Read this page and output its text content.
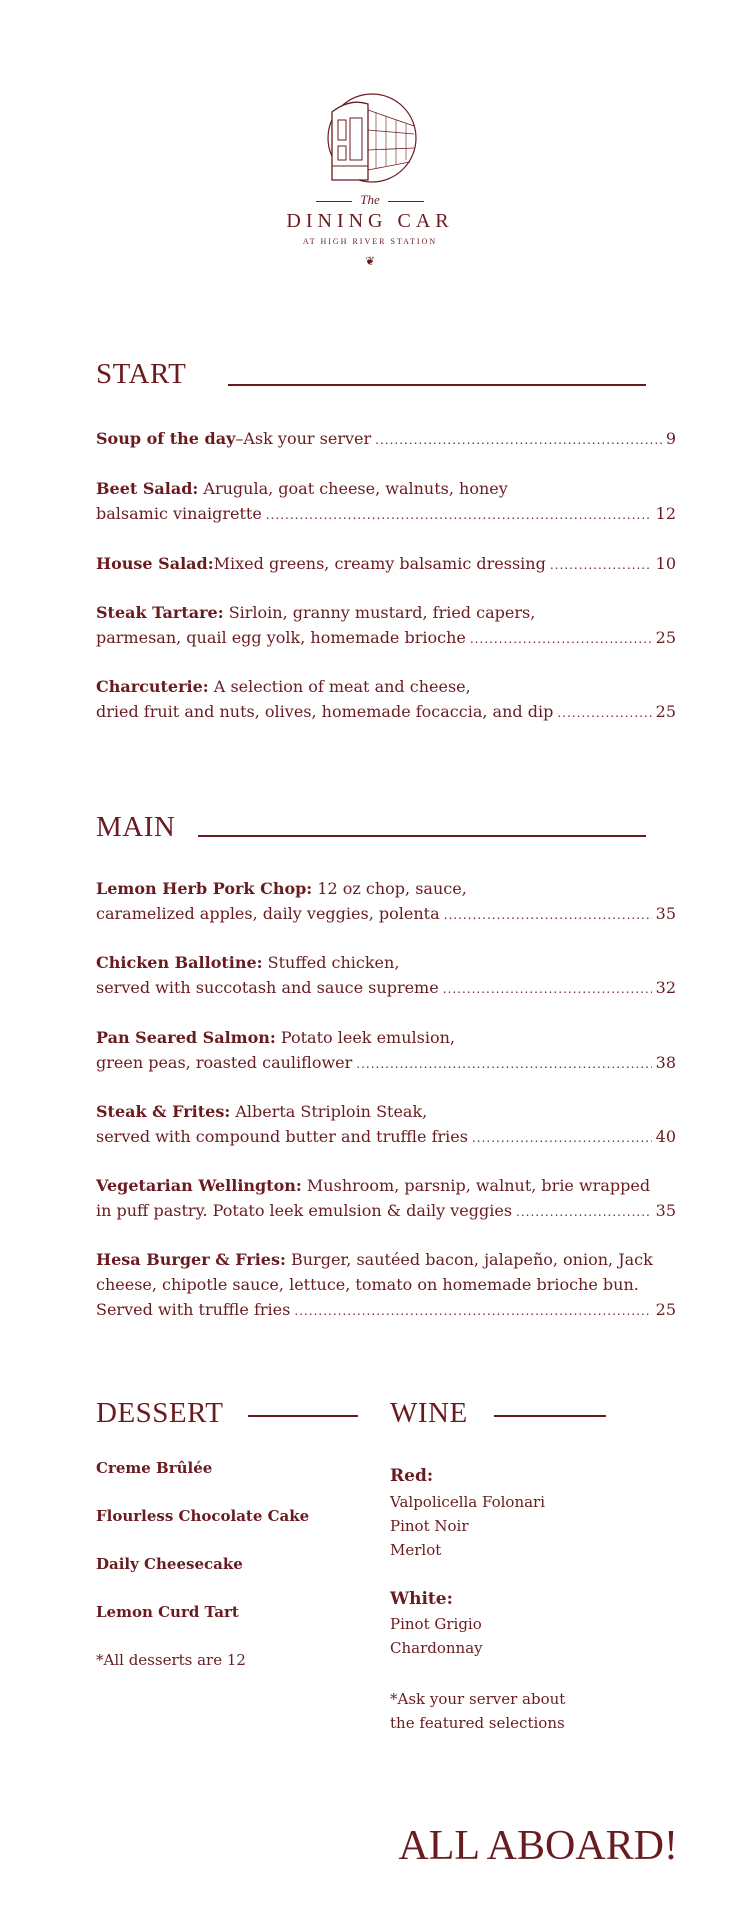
The
DINING CAR
AT HIGH RIVER STATION
❦
START
Soup of the day – Ask your server .....	9
Beet Salad: Arugula, goat cheese, walnuts, honey
balsamic vinaigrette .....	12
House Salad: Mixed greens, creamy balsamic dressing .....	10
Steak Tartare: Sirloin, granny mustard, fried capers,
parmesan, quail egg yolk, homemade brioche .....	25
Charcuterie: A selection of meat and cheese,
dried fruit and nuts, olives, homemade focaccia, and dip .....	25
MAIN
Lemon Herb Pork Chop: 12 oz chop, sauce,
caramelized apples, daily veggies, polenta .....	35
Chicken Ballotine: Stuffed chicken,
served with succotash and sauce supreme .....	32
Pan Seared Salmon: Potato leek emulsion,
green peas, roasted cauliflower .....	38
Steak & Frites: Alberta Striploin Steak,
served with compound butter and truffle fries .....	40
Vegetarian Wellington: Mushroom, parsnip, walnut, brie wrapped
in puff pastry. Potato leek emulsion & daily veggies .....	35
Hesa Burger & Fries: Burger, sautéed bacon, jalapeño, onion, Jack
cheese, chipotle sauce, lettuce, tomato on homemade brioche bun.
Served with truffle fries .....	25
DESSERT
Creme Brûlée
Flourless Chocolate Cake
Daily Cheesecake
Lemon Curd Tart
*All desserts are 12
WINE
Red:
Valpolicella Folonari
Pinot Noir
Merlot
White:
Pinot Grigio
Chardonnay
*Ask your server about
the featured selections
ALL ABOARD!
